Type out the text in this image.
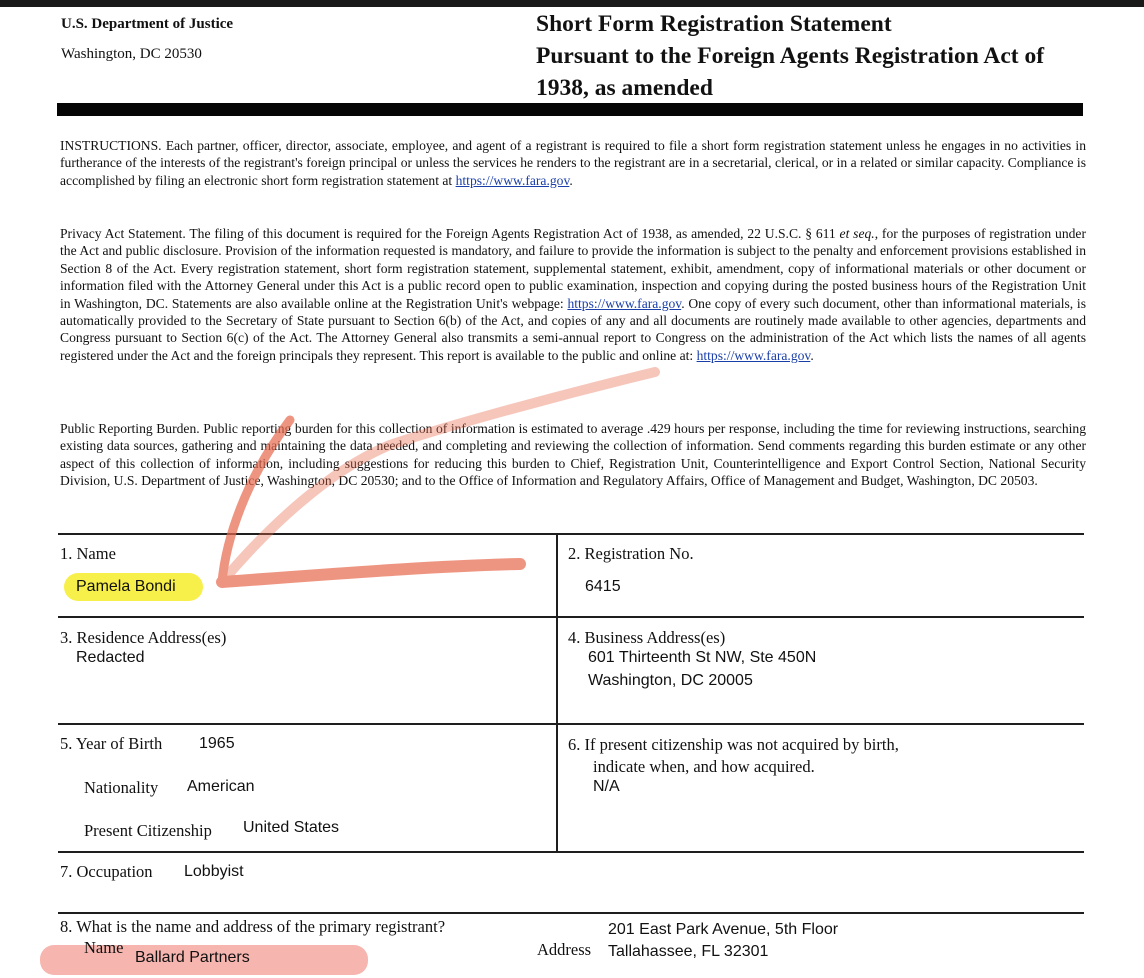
U.S. Department of Justice
Washington, DC 20530
Short Form Registration Statement
Pursuant to the Foreign Agents Registration Act of
1938, as amended
INSTRUCTIONS. Each partner, officer, director, associate, employee, and agent of a registrant is required to file a short form registration statement unless he engages in no activities in furtherance of the interests of the registrant's foreign principal or unless the services he renders to the registrant are in a secretarial, clerical, or in a related or similar capacity. Compliance is accomplished by filing an electronic short form registration statement at https://www.fara.gov.
Privacy Act Statement. The filing of this document is required for the Foreign Agents Registration Act of 1938, as amended, 22 U.S.C. § 611 et seq., for the purposes of registration under the Act and public disclosure. Provision of the information requested is mandatory, and failure to provide the information is subject to the penalty and enforcement provisions established in Section 8 of the Act. Every registration statement, short form registration statement, supplemental statement, exhibit, amendment, copy of informational materials or other document or information filed with the Attorney General under this Act is a public record open to public examination, inspection and copying during the posted business hours of the Registration Unit in Washington, DC. Statements are also available online at the Registration Unit's webpage: https://www.fara.gov. One copy of every such document, other than informational materials, is automatically provided to the Secretary of State pursuant to Section 6(b) of the Act, and copies of any and all documents are routinely made available to other agencies, departments and Congress pursuant to Section 6(c) of the Act. The Attorney General also transmits a semi-annual report to Congress on the administration of the Act which lists the names of all agents registered under the Act and the foreign principals they represent. This report is available to the public and online at: https://www.fara.gov.
Public Reporting Burden. Public reporting burden for this collection of information is estimated to average .429 hours per response, including the time for reviewing instructions, searching existing data sources, gathering and maintaining the data needed, and completing and reviewing the collection of information. Send comments regarding this burden estimate or any other aspect of this collection of information, including suggestions for reducing this burden to Chief, Registration Unit, Counterintelligence and Export Control Section, National Security Division, U.S. Department of Justice, Washington, DC 20530; and to the Office of Information and Regulatory Affairs, Office of Management and Budget, Washington, DC 20503.
1. Name
Pamela Bondi
2. Registration No.
6415
3. Residence Address(es)
Redacted
4. Business Address(es)
601 Thirteenth St NW, Ste 450N
Washington, DC 20005
5. Year of Birth 1965
Nationality American
Present Citizenship United States
6. If present citizenship was not acquired by birth,
indicate when, and how acquired.
N/A
7. Occupation Lobbyist
8. What is the name and address of the primary registrant?
Name
Ballard Partners	Address
201 East Park Avenue, 5th Floor
Tallahassee, FL 32301
